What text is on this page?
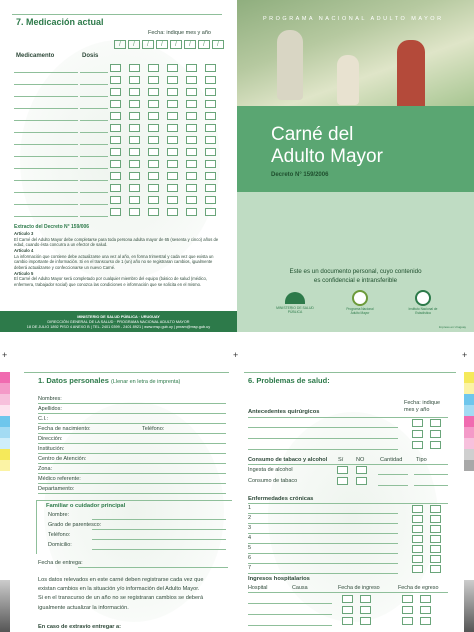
7. Medicación actual
Fecha: indique mes y año
/	/	/	/	/	/	/	/
Medicamento	Dosis
Extracto del Decreto N° 159/006
Artículo 3
El Carné del Adulto Mayor debe completarse para toda persona adulta mayor de 65 (sesenta y cinco) años de edad, cuando ésta concurra a un efector de salud.
Artículo 4
La información que contiene debe actualizarse una vez al año, en forma trimestral y cada vez que exista un cambio importante de información. Si en el transcurso de 1 (un) año no se registraran cambios, igualmente deberá actualizarse y confeccionarse un nuevo Carné.
Artículo 5
El Carné del Adulto Mayor será completado por cualquier miembro del equipo (básico de salud (médico, enfermera, trabajador social) que conozca las condiciones e información que se solicita en el mismo.
MINISTERIO DE SALUD PÚBLICA · URUGUAY
DIRECCIÓN GENERAL DE LA SALUD · PROGRAMA NACIONAL ADULTO MAYOR
18 DE JULIO 1892 PISO 4 ANEXO B | TEL. 2401 0399 - 2401 8921 | www.msp.gub.uy | pnram@msp.gub.uy
PROGRAMA NACIONAL ADULTO MAYOR
Carné del
Adulto Mayor
Decreto N° 159/2006
Este es un documento personal, cuyo contenido
es confidencial e intransferible
MINISTERIO DE SALUD PÚBLICA
Programa Nacional Adulto Mayor
Instituto Nacional de Estadística
Impreso en Uruguay
+	+	+
1. Datos personales (Llenar en letra de imprenta)
Nombres:
Apellidos:
C.I.:
Fecha de nacimiento:
Dirección:
Institución:
Centro de Atención:
Zona:
Médico referente:
Departamento:
Teléfono:
Familiar o cuidador principal
Nombre:
Grado de parentesco:
Teléfono:
Domicilio:
Fecha de entrega:
Los datos relevados en este carné deben registrarse cada vez que
existan cambios en la situación y/o información del Adulto Mayor.
Si en el transcurso de un año no se registraran cambios se deberá
igualmente actualizar la información.
En caso de extravío entregar a:
6. Problemas de salud:
Fecha: indique
mes y año
Antecedentes quirúrgicos
Consumo de tabaco y alcohol Sí NO	Cantidad Tipo
Ingesta de alcohol
Consumo de tabaco
Enfermedades crónicas
1
2
3
4
5
6
7
Ingresos hospitalarios
Hospital	Causa	Fecha de ingreso	Fecha de egreso
